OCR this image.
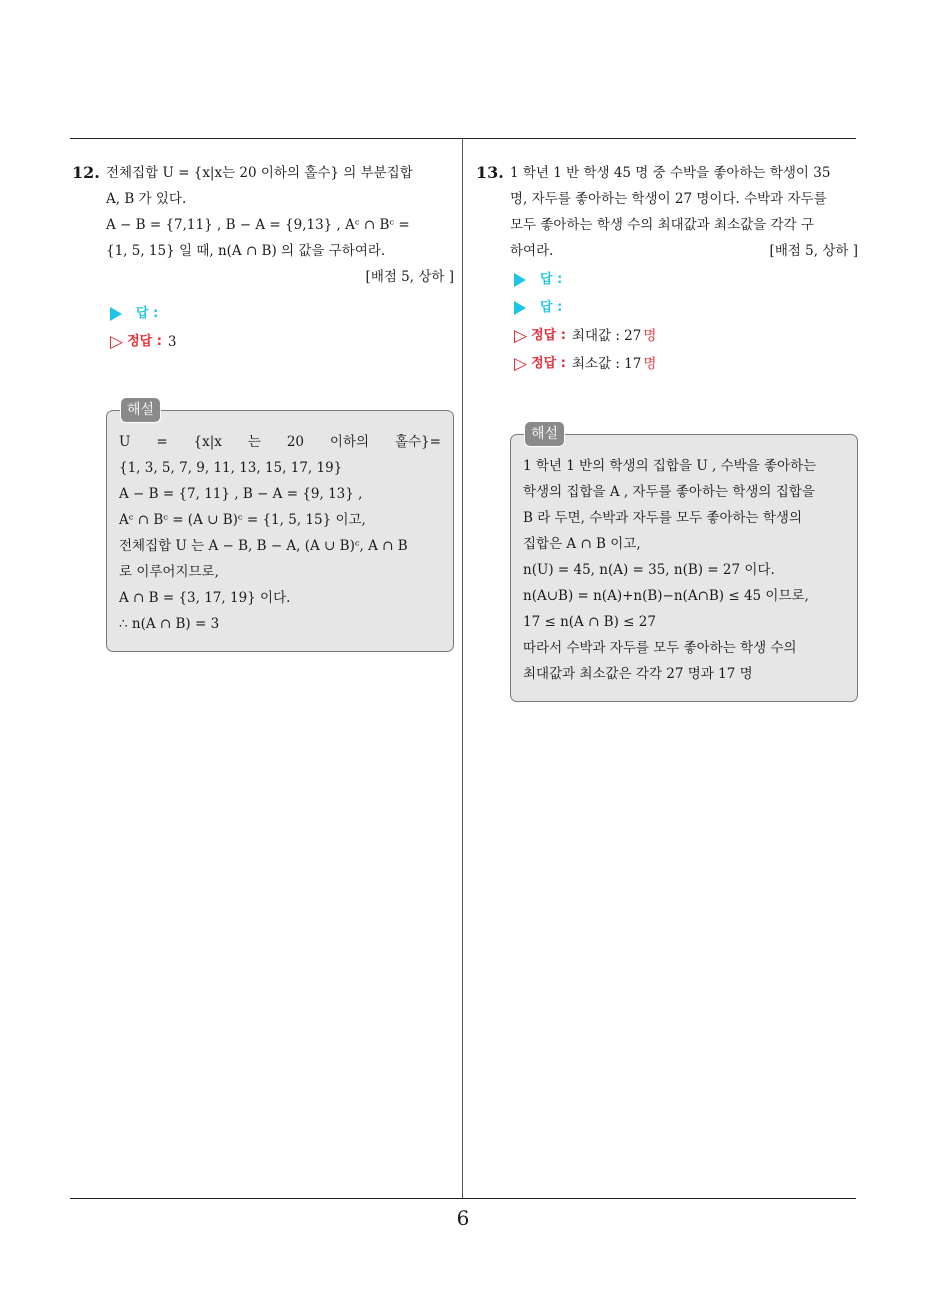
6
12. 전체집합 U = {x|x는 20 이하의 홀수} 의 부분집합

A, B 가 있다.

A − B = {7,11} , B − A = {9,13} , Aᶜ ∩ Bᶜ =

{1, 5, 15} 일 때, n(A ∩ B) 의 값을 구하여라.

[배점 5, 상하 ]

답 :
▷ 정답 : 3
해설

U = {x|x 는 20 이하의 홀수}=

{1, 3, 5, 7, 9, 11, 13, 15, 17, 19}

A − B = {7, 11} , B − A = {9, 13} ,

Aᶜ ∩ Bᶜ = (A ∪ B)ᶜ = {1, 5, 15} 이고,

전체집합 U 는 A − B, B − A, (A ∪ B)ᶜ, A ∩ B

로 이루어지므로,

A ∩ B = {3, 17, 19} 이다.

∴ n(A ∩ B) = 3

13. 1 학년 1 반 학생 45 명 중 수박을 좋아하는 학생이 35

명, 자두를 좋아하는 학생이 27 명이다. 수박과 자두를

모두 좋아하는 학생 수의 최대값과 최소값을 각각 구

하여라.	[배점 5, 상하 ]

답 :
답 :
▷ 정답 : 최대값 : 27 명
▷ 정답 : 최소값 : 17 명
해설

1 학년 1 반의 학생의 집합을 U , 수박을 좋아하는

학생의 집합을 A , 자두를 좋아하는 학생의 집합을

B 라 두면, 수박과 자두를 모두 좋아하는 학생의

집합은 A ∩ B 이고,

n(U) = 45, n(A) = 35, n(B) = 27 이다.

n(A∪B) = n(A)+n(B)−n(A∩B) ≤ 45 이므로,

17 ≤ n(A ∩ B) ≤ 27

따라서 수박과 자두를 모두 좋아하는 학생 수의

최대값과 최소값은 각각 27 명과 17 명
